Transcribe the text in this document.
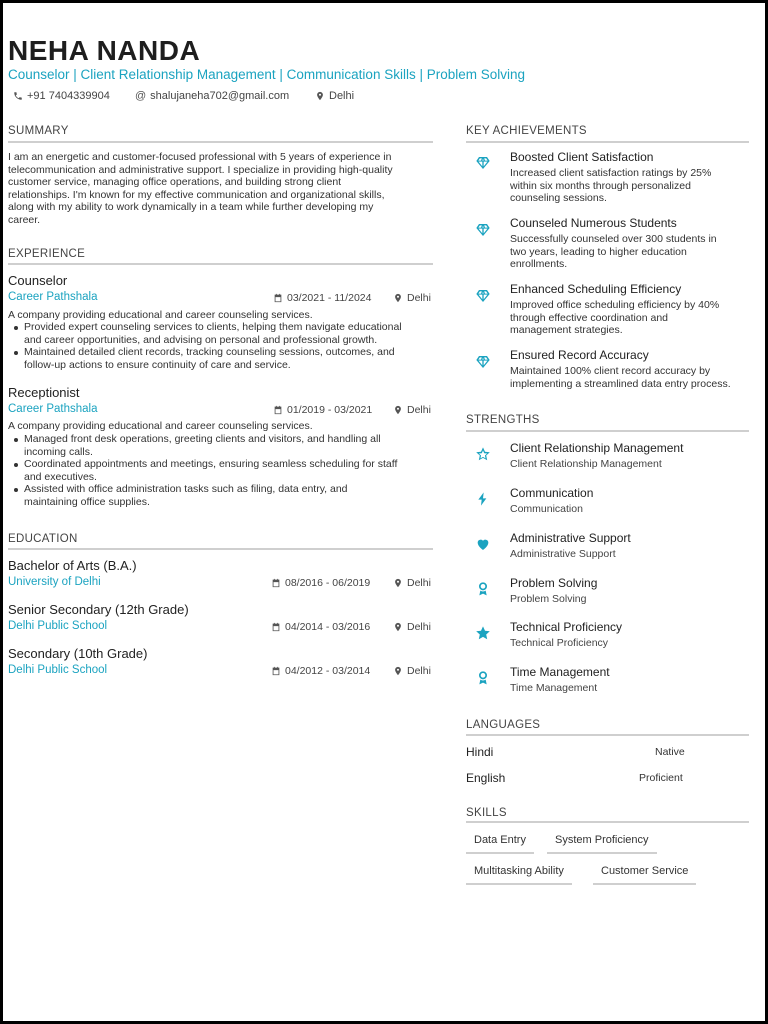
NEHA NANDA
Counselor | Client Relationship Management | Communication Skills | Problem Solving
+91 7404339904 @ shalujaneha702@gmail.com	Delhi
SUMMARY
I am an energetic and customer-focused professional with 5 years of experience in
telecommunication and administrative support. I specialize in providing high-quality
customer service, managing office operations, and building strong client
relationships. I'm known for my effective communication and organizational skills,
along with my ability to work dynamically in a team while further developing my
career.
EXPERIENCE
Counselor
Career Pathshala	03/2021 - 11/2024	Delhi
A company providing educational and career counseling services.
Provided expert counseling services to clients, helping them navigate educational
and career opportunities, and advising on personal and professional growth.
Maintained detailed client records, tracking counseling sessions, outcomes, and
follow-up actions to ensure continuity of care and service.
Receptionist
Career Pathshala	01/2019 - 03/2021	Delhi
A company providing educational and career counseling services.
Managed front desk operations, greeting clients and visitors, and handling all
incoming calls.
Coordinated appointments and meetings, ensuring seamless scheduling for staff
and executives.
Assisted with office administration tasks such as filing, data entry, and
maintaining office supplies.
EDUCATION
Bachelor of Arts (B.A.)
University of Delhi	08/2016 - 06/2019	Delhi
Senior Secondary (12th Grade)
Delhi Public School	04/2014 - 03/2016	Delhi
Secondary (10th Grade)
Delhi Public School	04/2012 - 03/2014	Delhi
KEY ACHIEVEMENTS
Boosted Client Satisfaction
Increased client satisfaction ratings by 25%
within six months through personalized
counseling sessions.
Counseled Numerous Students
Successfully counseled over 300 students in
two years, leading to higher education
enrollments.
Enhanced Scheduling Efficiency
Improved office scheduling efficiency by 40%
through effective coordination and
management strategies.
Ensured Record Accuracy
Maintained 100% client record accuracy by
implementing a streamlined data entry process.
STRENGTHS
Client Relationship Management
Client Relationship Management
Communication
Communication
Administrative Support
Administrative Support
Problem Solving
Problem Solving
Technical Proficiency
Technical Proficiency
Time Management
Time Management
LANGUAGES
Hindi	Native
English	Proficient
SKILLS
Data Entry	System Proficiency
Multitasking Ability	Customer Service
